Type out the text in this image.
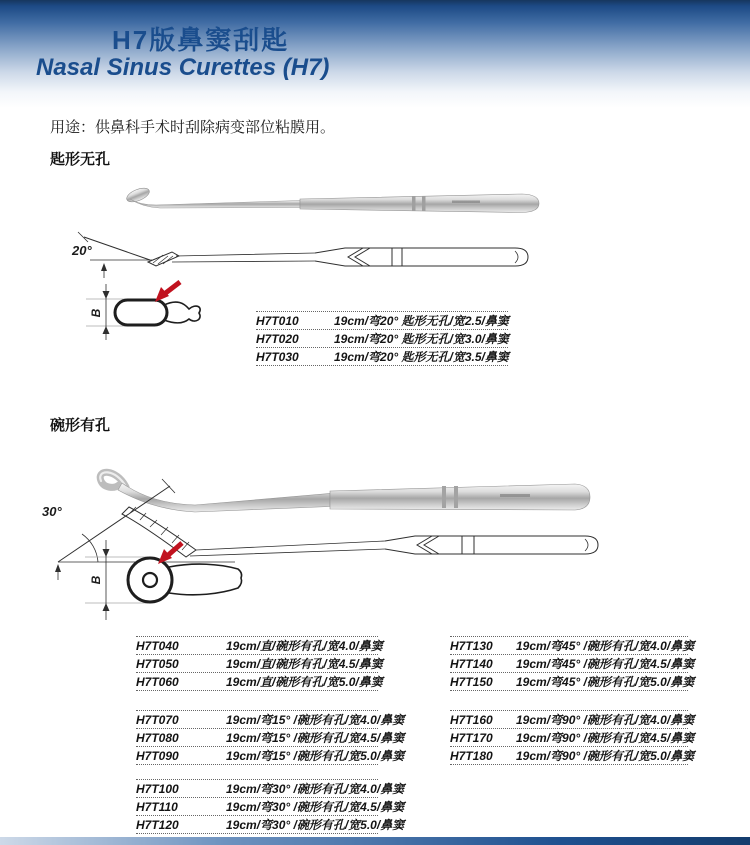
H7版鼻窦刮匙
Nasal Sinus Curettes (H7)
用途：供鼻科手术时刮除病变部位粘膜用。
匙形无孔
20°
B
H7T010	19cm/弯20° 匙形无孔/宽2.5/鼻窦
H7T020	19cm/弯20° 匙形无孔/宽3.0/鼻窦
H7T030	19cm/弯20° 匙形无孔/宽3.5/鼻窦
碗形有孔
30°
B
H7T040	19cm/直/碗形有孔/宽4.0/鼻窦
H7T050	19cm/直/碗形有孔/宽4.5/鼻窦
H7T060	19cm/直/碗形有孔/宽5.0/鼻窦
H7T070	19cm/弯15° /碗形有孔/宽4.0/鼻窦
H7T080	19cm/弯15° /碗形有孔/宽4.5/鼻窦
H7T090	19cm/弯15° /碗形有孔/宽5.0/鼻窦
H7T100	19cm/弯30° /碗形有孔/宽4.0/鼻窦
H7T110	19cm/弯30° /碗形有孔/宽4.5/鼻窦
H7T120	19cm/弯30° /碗形有孔/宽5.0/鼻窦
H7T130	19cm/弯45° /碗形有孔/宽4.0/鼻窦
H7T140	19cm/弯45° /碗形有孔/宽4.5/鼻窦
H7T150	19cm/弯45° /碗形有孔/宽5.0/鼻窦
H7T160	19cm/弯90° /碗形有孔/宽4.0/鼻窦
H7T170	19cm/弯90° /碗形有孔/宽4.5/鼻窦
H7T180	19cm/弯90° /碗形有孔/宽5.0/鼻窦
